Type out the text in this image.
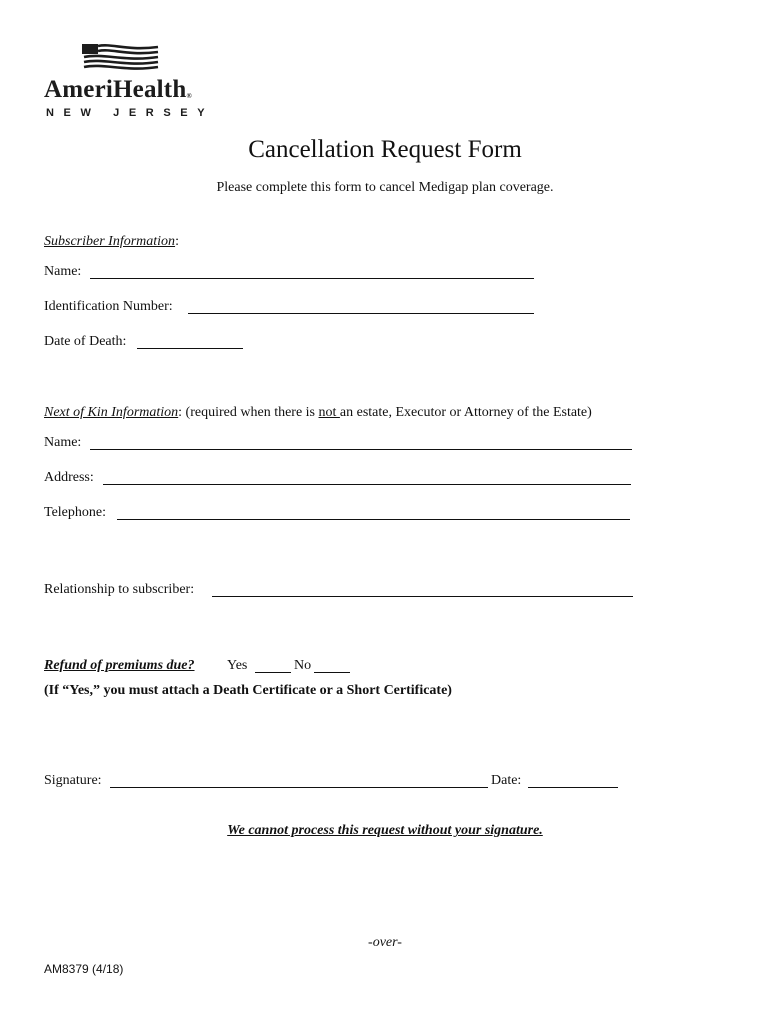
AmeriHealth®
NEW JERSEY
Cancellation Request Form
Please complete this form to cancel Medigap plan coverage.
Subscriber Information:
Name:
Identification Number:
Date of Death:
Next of Kin Information: (required when there is not an estate, Executor or Attorney of the Estate)
Name:
Address:
Telephone:
Relationship to subscriber:
Refund of premiums due? Yes	No
(If “Yes,” you must attach a Death Certificate or a Short Certificate)
Signature:	Date:
We cannot process this request without your signature.
-over-
AM8379 (4/18)
